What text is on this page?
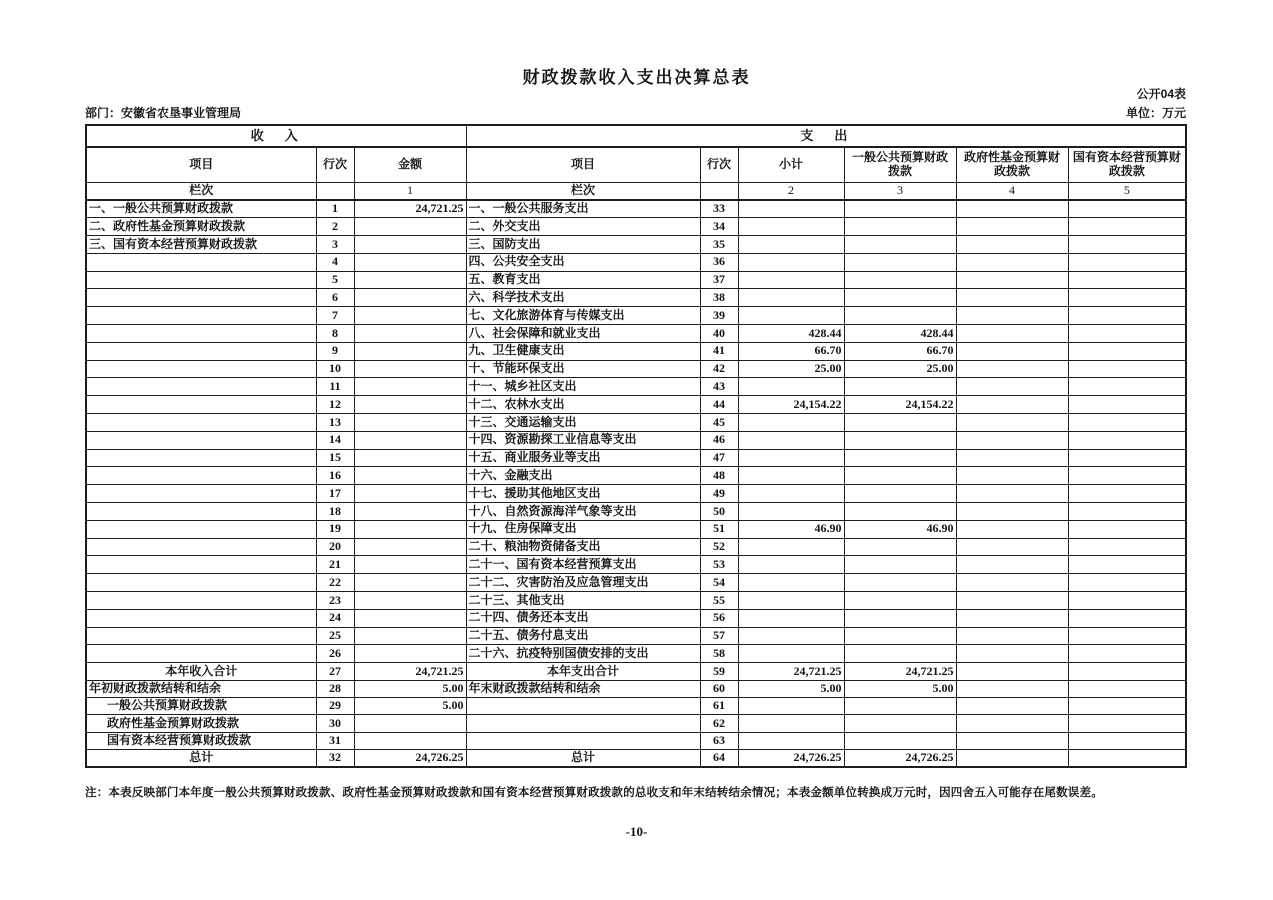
财政拨款收入支出决算总表
公开04表
部门：安徽省农垦事业管理局	单位：万元
收　入			支　出					
项目	行次	金额	项目	行次	小计	一般公共预算财政拨款	政府性基金预算财政拨款	国有资本经营预算财政拨款
栏次		1	栏次		2	3	4	5
一、一般公共预算财政拨款	1	24,721.25	一、一般公共服务支出	33				
二、政府性基金预算财政拨款	2		二、外交支出	34				
三、国有资本经营预算财政拨款	3		三、国防支出	35				
	4		四、公共安全支出	36				
	5		五、教育支出	37				
	6		六、科学技术支出	38				
	7		七、文化旅游体育与传媒支出	39				
	8		八、社会保障和就业支出	40	428.44	428.44		
	9		九、卫生健康支出	41	66.70	66.70		
	10		十、节能环保支出	42	25.00	25.00		
	11		十一、城乡社区支出	43				
	12		十二、农林水支出	44	24,154.22	24,154.22		
	13		十三、交通运输支出	45				
	14		十四、资源勘探工业信息等支出	46				
	15		十五、商业服务业等支出	47				
	16		十六、金融支出	48				
	17		十七、援助其他地区支出	49				
	18		十八、自然资源海洋气象等支出	50				
	19		十九、住房保障支出	51	46.90	46.90		
	20		二十、粮油物资储备支出	52				
	21		二十一、国有资本经营预算支出	53				
	22		二十二、灾害防治及应急管理支出	54				
	23		二十三、其他支出	55				
	24		二十四、债务还本支出	56				
	25		二十五、债务付息支出	57				
	26		二十六、抗疫特别国债安排的支出	58				
本年收入合计	27	24,721.25	本年支出合计	59	24,721.25	24,721.25		
年初财政拨款结转和结余	28	5.00	年末财政拨款结转和结余	60	5.00	5.00		
一般公共预算财政拨款	29	5.00		61				
政府性基金预算财政拨款	30			62				
国有资本经营预算财政拨款	31			63				
总计	32	24,726.25	总计	64	24,726.25	24,726.25		
注：本表反映部门本年度一般公共预算财政拨款、政府性基金预算财政拨款和国有资本经营预算财政拨款的总收支和年末结转结余情况；本表金额单位转换成万元时，因四舍五入可能存在尾数误差。
-10-
